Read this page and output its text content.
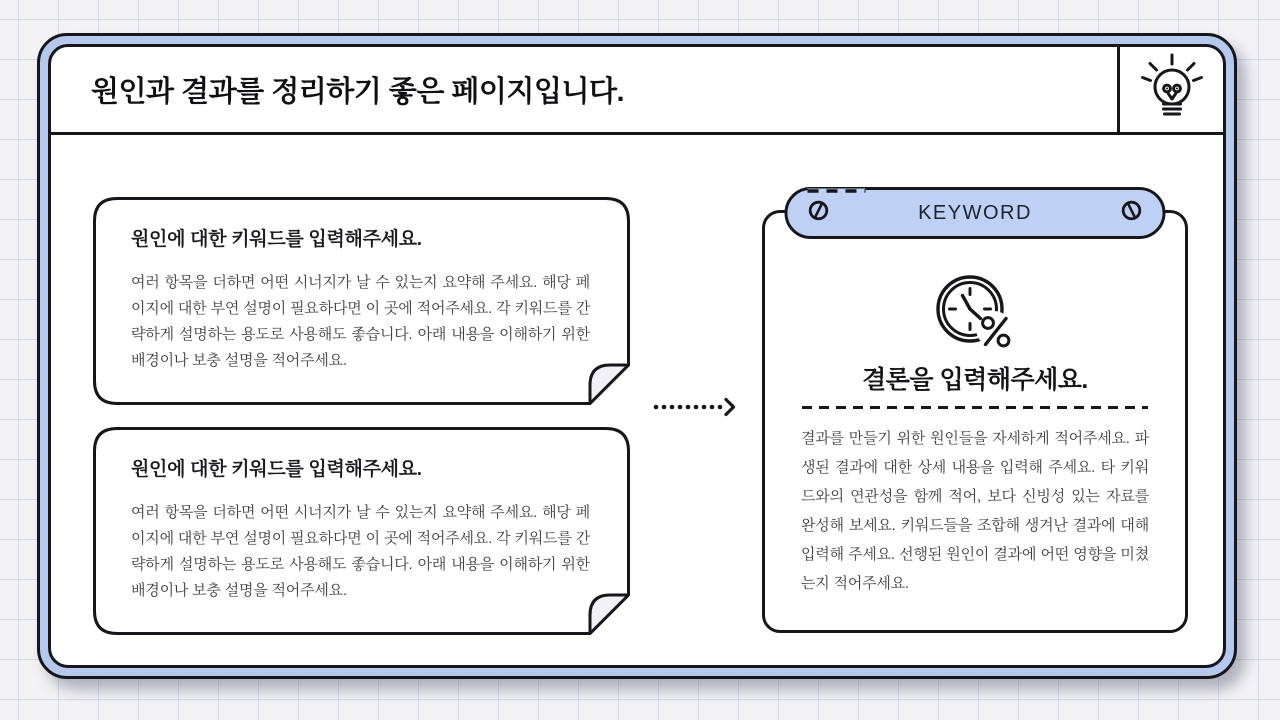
원인과 결과를 정리하기 좋은 페이지입니다.
원인에 대한 키워드를 입력해주세요.
여러 항목을 더하면 어떤 시너지가 날 수 있는지 요약해 주세요. 해당 페이지에 대한 부연 설명이 필요하다면 이 곳에 적어주세요. 각 키워드를 간략하게 설명하는 용도로 사용해도 좋습니다. 아래 내용을 이해하기 위한 배경이나 보충 설명을 적어주세요.
원인에 대한 키워드를 입력해주세요.
여러 항목을 더하면 어떤 시너지가 날 수 있는지 요약해 주세요. 해당 페이지에 대한 부연 설명이 필요하다면 이 곳에 적어주세요. 각 키워드를 간략하게 설명하는 용도로 사용해도 좋습니다. 아래 내용을 이해하기 위한 배경이나 보충 설명을 적어주세요.
KEYWORD
결론을 입력해주세요.
결과를 만들기 위한 원인들을 자세하게 적어주세요. 파생된 결과에 대한 상세 내용을 입력해 주세요. 타 키워드와의 연관성을 함께 적어, 보다 신빙성 있는 자료를 완성해 보세요. 키워드들을 조합해 생겨난 결과에 대해 입력해 주세요. 선행된 원인이 결과에 어떤 영향을 미쳤는지 적어주세요.
